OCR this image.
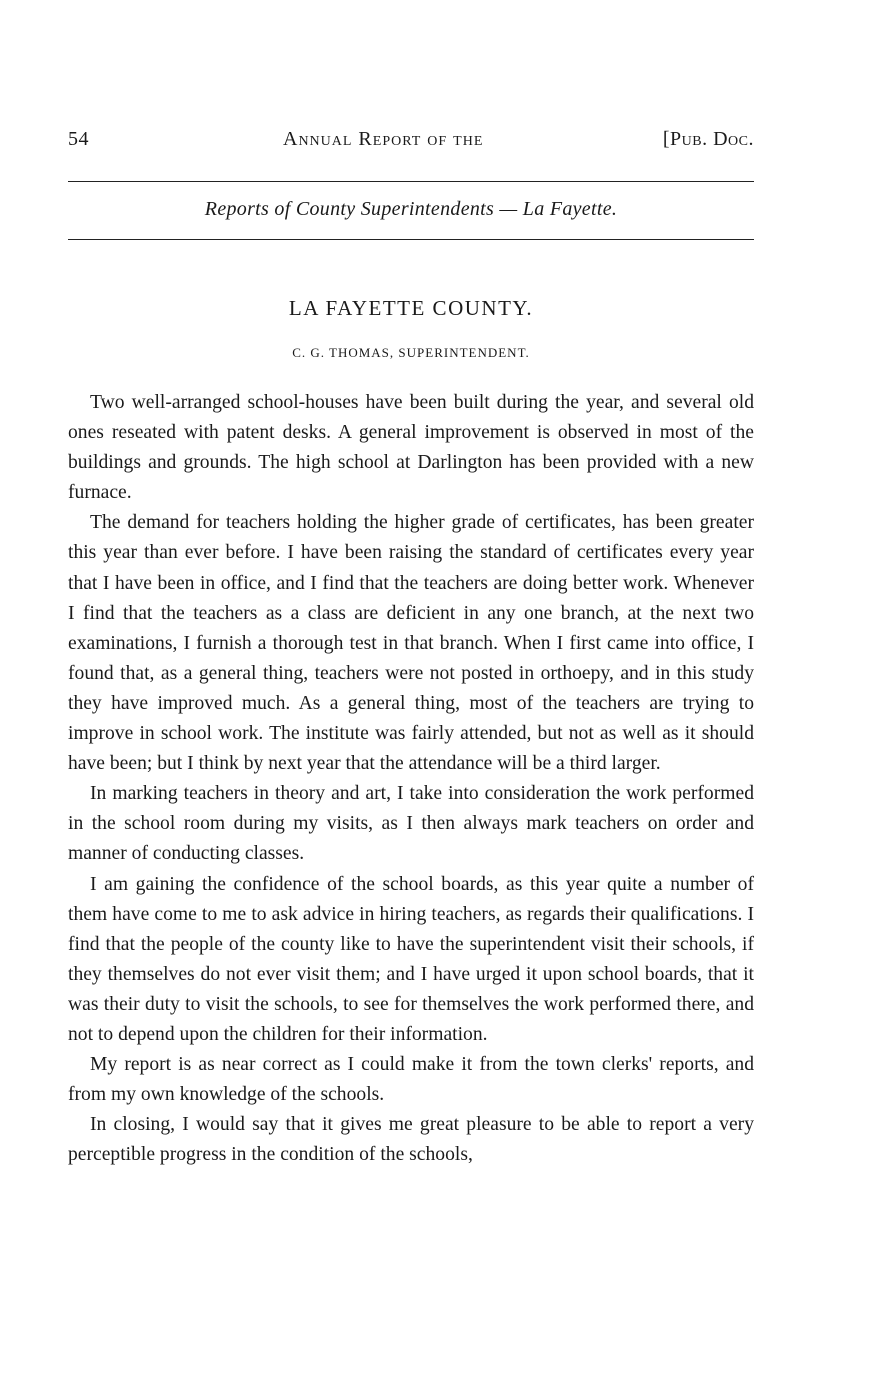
54	Annual Report of the	[Pub. Doc.
Reports of County Superintendents — La Fayette.
LA FAYETTE COUNTY.
C. G. THOMAS, SUPERINTENDENT.

Two well-arranged school-houses have been built during the year, and several old ones reseated with patent desks. A general improvement is observed in most of the buildings and grounds. The high school at Darlington has been provided with a new furnace.

The demand for teachers holding the higher grade of certificates, has been greater this year than ever before. I have been raising the standard of certificates every year that I have been in office, and I find that the teachers are doing better work. Whenever I find that the teachers as a class are deficient in any one branch, at the next two examinations, I furnish a thorough test in that branch. When I first came into office, I found that, as a general thing, teachers were not posted in orthoepy, and in this study they have improved much. As a general thing, most of the teachers are trying to improve in school work. The institute was fairly attended, but not as well as it should have been; but I think by next year that the attendance will be a third larger.

In marking teachers in theory and art, I take into consideration the work performed in the school room during my visits, as I then always mark teachers on order and manner of conducting classes.

I am gaining the confidence of the school boards, as this year quite a number of them have come to me to ask advice in hiring teachers, as regards their qualifications. I find that the people of the county like to have the superintendent visit their schools, if they themselves do not ever visit them; and I have urged it upon school boards, that it was their duty to visit the schools, to see for themselves the work performed there, and not to depend upon the children for their information.

My report is as near correct as I could make it from the town clerks' reports, and from my own knowledge of the schools.

In closing, I would say that it gives me great pleasure to be able to report a very perceptible progress in the condition of the schools,
